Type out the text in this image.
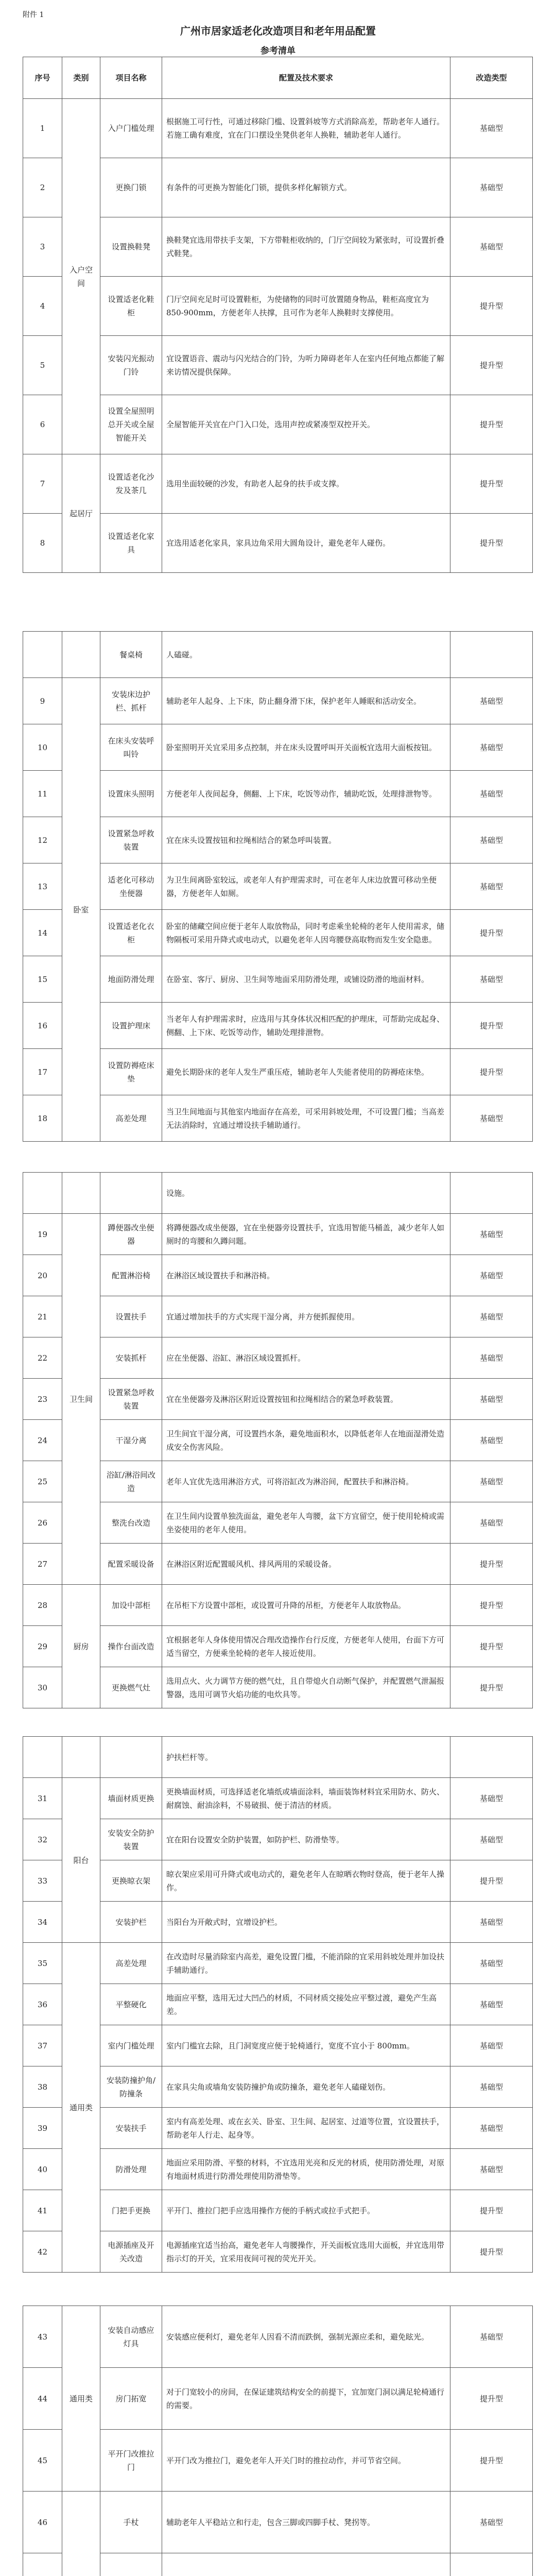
附件 1
广州市居家适老化改造项目和老年用品配置
参考清单
序号	类别	项目名称	配置及技术要求	改造类型
1	入户空间	入户门槛处理	根据施工可行性，可通过移除门槛、设置斜坡等方式消除高差，帮助老年人通行。若施工确有难度，宜在门口摆设坐凳供老年人换鞋，辅助老年人通行。	基础型
2		更换门锁	有条件的可更换为智能化门锁，提供多样化解锁方式。	基础型
3		设置换鞋凳	换鞋凳宜选用带扶手支架，下方带鞋柜收纳的，门厅空间较为紧张时，可设置折叠式鞋凳。	基础型
4		设置适老化鞋柜	门厅空间充足时可设置鞋柜，为使储物的同时可放置随身物品，鞋柜高度宜为 850-900mm，方便老年人扶撑，且可作为老年人换鞋时支撑使用。	提升型
5		安装闪光振动门铃	宜设置语音、震动与闪光结合的门铃，为听力障碍老年人在室内任何地点都能了解来访情况提供保障。	提升型
6		设置全屋照明总开关或全屋智能开关	全屋智能开关宜在户门入口处，选用声控或紧凑型双控开关。	提升型
7	起居厅	设置适老化沙发及茶几	选用坐面较硬的沙发，有助老人起身的扶手或支撑。	提升型
8		设置适老化家具	宜选用适老化家具，家具边角采用大圆角设计，避免老年人碰伤。	提升型
		餐桌椅	人磕碰。	
9	卧室	安装床边护栏、抓杆	辅助老年人起身、上下床，防止翻身滑下床，保护老年人睡眠和活动安全。	基础型
10		在床头安装呼叫铃	卧室照明开关宜采用多点控制，并在床头设置呼叫开关面板宜选用大面板按钮。	基础型
11		设置床头照明	方便老年人夜间起身，侧翻、上下床，吃饭等动作，辅助吃饭，处理排泄物等。	基础型
12		设置紧急呼救装置	宜在床头设置按钮和拉绳相结合的紧急呼叫装置。	基础型
13		适老化可移动坐便器	为卫生间离卧室较远，或老年人有护理需求时，可在老年人床边放置可移动坐便器，方便老年人如厕。	基础型
14		设置适老化衣柜	卧室的储藏空间应便于老年人取放物品，同时考虑乘坐轮椅的老年人使用需求，储物隔板可采用升降式或电动式，以避免老年人因弯腰登高取物而发生安全隐患。	提升型
15		地面防滑处理	在卧室、客厅、厨房、卫生间等地面采用防滑处理，或铺设防滑的地面材料。	基础型
16		设置护理床	当老年人有护理需求时，应选用与其身体状况相匹配的护理床，可帮助完成起身、侧翻、上下床、吃饭等动作，辅助处理排泄物。	提升型
17		设置防褥疮床垫	避免长期卧床的老年人发生严重压疮，辅助老年人失能者使用的防褥疮床垫。	提升型
18		高差处理	当卫生间地面与其他室内地面存在高差，可采用斜坡处理，不可设置门槛；当高差无法消除时，宜通过增设扶手辅助通行。	基础型
			设施。	
19	卫生间	蹲便器改坐便器	将蹲便器改成坐便器，宜在坐便器旁设置扶手，宜选用智能马桶盖，减少老年人如厕时的弯腰和久蹲问题。	基础型
20		配置淋浴椅	在淋浴区域设置扶手和淋浴椅。	基础型
21		设置扶手	宜通过增加扶手的方式实现干湿分离，并方便抓握使用。	基础型
22		安装抓杆	应在坐便器、浴缸、淋浴区域设置抓杆。	基础型
23		设置紧急呼救装置	宜在坐便器旁及淋浴区附近设置按钮和拉绳相结合的紧急呼救装置。	基础型
24		干湿分离	卫生间宜干湿分离，可设置挡水条，避免地面积水，以降低老年人在地面湿滑处造成安全伤害风险。	基础型
25		浴缸/淋浴间改造	老年人宜优先选用淋浴方式，可将浴缸改为淋浴间，配置扶手和淋浴椅。	基础型
26		整洗台改造	在卫生间内设置单独洗面盆，避免老年人弯腰，盆下方宜留空，便于使用轮椅或需坐姿使用的老年人使用。	基础型
27		配置采暖设备	在淋浴区附近配置暖风机、排风两用的采暖设备。	提升型
28	厨房	加设中部柜	在吊柜下方设置中部柜，或设置可升降的吊柜，方便老年人取放物品。	提升型
29		操作台面改造	宜根据老年人身体使用情况合理改造操作台行反度，方便老年人使用，台面下方可适当留空，方便乘坐轮椅的老年人接近使用。	提升型
30		更换燃气灶	选用点火、火力调节方便的燃气灶，且自带熄火自动断气保护，并配置燃气泄漏报警器，选用可调节火焰功能的电炊具等。	提升型
			护扶栏杆等。	
31	阳台	墙面材质更换	更换墙面材质，可选择适老化墙纸或墙面涂料，墙面装饰材料宜采用防水、防火、耐腐蚀、耐油涂料，不易破损、便于清洁的材质。	基础型
32		安装安全防护装置	宜在阳台设置安全防护装置，如防护栏、防滑垫等。	基础型
33		更换晾衣架	晾衣架应采用可升降式或电动式的，避免老年人在晾晒衣物时登高，便于老年人操作。	提升型
34		安装护栏	当阳台为开敞式时，宜增设护栏。	基础型
35	通用类	高差处理	在改造时尽量消除室内高差，避免设置门槛，不能消除的宜采用斜坡处理并加设扶手辅助通行。	基础型
36		平整硬化	地面应平整，选用无过大凹凸的材质，不同材质交接处应平整过渡，避免产生高差。	基础型
37		室内门槛处理	室内门槛宜去除，且门洞宽度应便于轮椅通行，宽度不宜小于 800mm。	基础型
38		安装防撞护角/防撞条	在家具尖角或墙角安装防撞护角或防撞条，避免老年人磕碰划伤。	基础型
39		安装扶手	室内有高差处理、或在玄关、卧室、卫生间、起居室、过道等位置，宜设置扶手，帮助老年人行走、起身等。	基础型
40		防滑处理	地面应采用防滑、平整的材料，不宜选用光亮和反光的材质，使用防滑处理，对原有地面材质进行防滑处理使用防滑垫等。	基础型
41		门把手更换	平开门、推拉门把手应选用操作方便的手柄式或拉手式把手。	提升型
42		电源插座及开关改造	电源插座宜适当抬高，避免老年人弯腰操作，开关面板宜选用大面板，并宜选用带指示灯的开关，宜采用夜间可视的荧光开关。	提升型
43	通用类	安装自动感应灯具	安装感应便利灯，避免老年人因看不清而跌倒，强制光源应柔和，避免眩光。	基础型
44		房门拓宽	对于门宽较小的房间，在保证建筑结构安全的前提下，宜加宽门洞以满足轮椅通行的需要。	提升型
45		平开门改推拉门	平开门改为推拉门，避免老年人开关门时的推拉动作，并可节省空间。	提升型
46		手杖	辅助老年人平稳站立和行走，包含三脚或四脚手杖、凳拐等。	基础型
